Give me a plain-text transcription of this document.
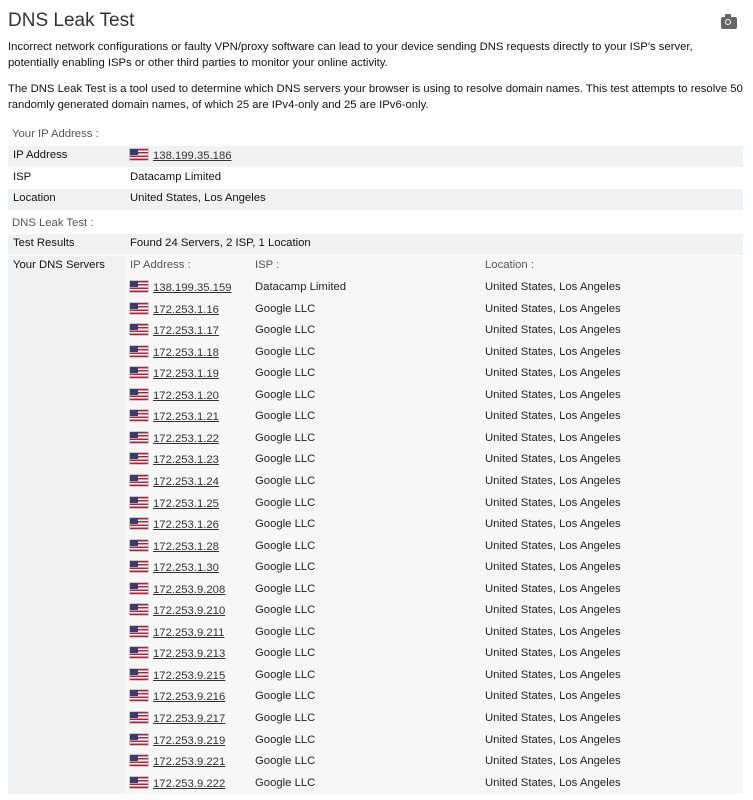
DNS Leak Test
Incorrect network configurations or faulty VPN/proxy software can lead to your device sending DNS requests directly to your ISP's server, potentially enabling ISPs or other third parties to monitor your online activity.
The DNS Leak Test is a tool used to determine which DNS servers your browser is using to resolve domain names. This test attempts to resolve 50 randomly generated domain names, of which 25 are IPv4-only and 25 are IPv6-only.
Your IP Address :
IP Address	138.199.35.186
ISP	Datacamp Limited
Location	United States, Los Angeles
DNS Leak Test :
Test Results	Found 24 Servers, 2 ISP, 1 Location
Your DNS Servers IP Address :	ISP :	Location :
138.199.35.159 Datacamp Limited	United States, Los Angeles
172.253.1.16	Google LLC	United States, Los Angeles
172.253.1.17	Google LLC	United States, Los Angeles
172.253.1.18	Google LLC	United States, Los Angeles
172.253.1.19	Google LLC	United States, Los Angeles
172.253.1.20	Google LLC	United States, Los Angeles
172.253.1.21	Google LLC	United States, Los Angeles
172.253.1.22	Google LLC	United States, Los Angeles
172.253.1.23	Google LLC	United States, Los Angeles
172.253.1.24	Google LLC	United States, Los Angeles
172.253.1.25	Google LLC	United States, Los Angeles
172.253.1.26	Google LLC	United States, Los Angeles
172.253.1.28	Google LLC	United States, Los Angeles
172.253.1.30	Google LLC	United States, Los Angeles
172.253.9.208	Google LLC	United States, Los Angeles
172.253.9.210	Google LLC	United States, Los Angeles
172.253.9.211	Google LLC	United States, Los Angeles
172.253.9.213	Google LLC	United States, Los Angeles
172.253.9.215	Google LLC	United States, Los Angeles
172.253.9.216	Google LLC	United States, Los Angeles
172.253.9.217	Google LLC	United States, Los Angeles
172.253.9.219	Google LLC	United States, Los Angeles
172.253.9.221	Google LLC	United States, Los Angeles
172.253.9.222	Google LLC	United States, Los Angeles
